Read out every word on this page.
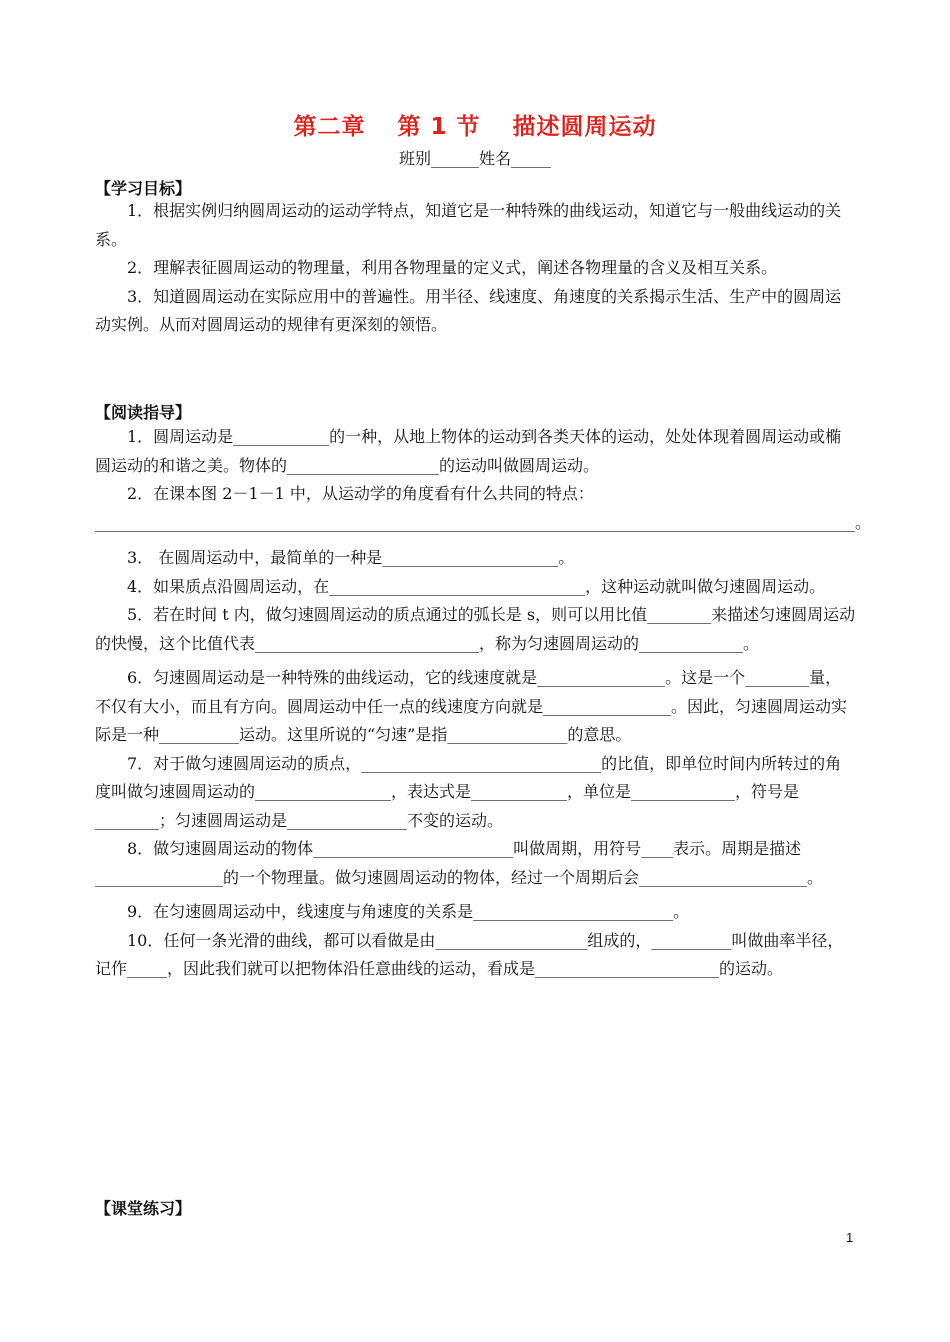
第二章 第 1 节 描述圆周运动
班别______姓名_____
【学习目标】

1．根据实例归纳圆周运动的运动学特点，知道它是一种特殊的曲线运动，知道它与一般曲线运动的关系。

2．理解表征圆周运动的物理量，利用各物理量的定义式，阐述各物理量的含义及相互关系。

3．知道圆周运动在实际应用中的普遍性。用半径、线速度、角速度的关系揭示生活、生产中的圆周运动实例。从而对圆周运动的规律有更深刻的领悟。

【阅读指导】

1．圆周运动是____________的一种，从地上物体的运动到各类天体的运动，处处体现着圆周运动或椭圆运动的和谐之美。物体的___________________的运动叫做圆周运动。

2．在课本图 2－1－1 中，从运动学的角度看有什么共同的特点：_______________________________________________________________________________________________。

3． 在圆周运动中，最简单的一种是______________________。

4．如果质点沿圆周运动，在________________________________，这种运动就叫做匀速圆周运动。

5．若在时间 t 内，做匀速圆周运动的质点通过的弧长是 s，则可以用比值________来描述匀速圆周运动的快慢，这个比值代表____________________________，称为匀速圆周运动的_____________。

6．匀速圆周运动是一种特殊的曲线运动，它的线速度就是________________。这是一个________量，不仅有大小，而且有方向。圆周运动中任一点的线速度方向就是________________。因此，匀速圆周运动实际是一种__________运动。这里所说的“匀速”是指_______________的意思。

7．对于做匀速圆周运动的质点，______________________________的比值，即单位时间内所转过的角度叫做匀速圆周运动的_________________，表达式是____________，单位是_____________，符号是________；匀速圆周运动是_______________不变的运动。

8．做匀速圆周运动的物体_________________________叫做周期，用符号____表示。周期是描述________________的一个物理量。做匀速圆周运动的物体，经过一个周期后会_____________________。

9．在匀速圆周运动中，线速度与角速度的关系是_________________________。

10．任何一条光滑的曲线，都可以看做是由___________________组成的，__________叫做曲率半径，记作_____，因此我们就可以把物体沿任意曲线的运动，看成是_______________________的运动。

【课堂练习】
1
